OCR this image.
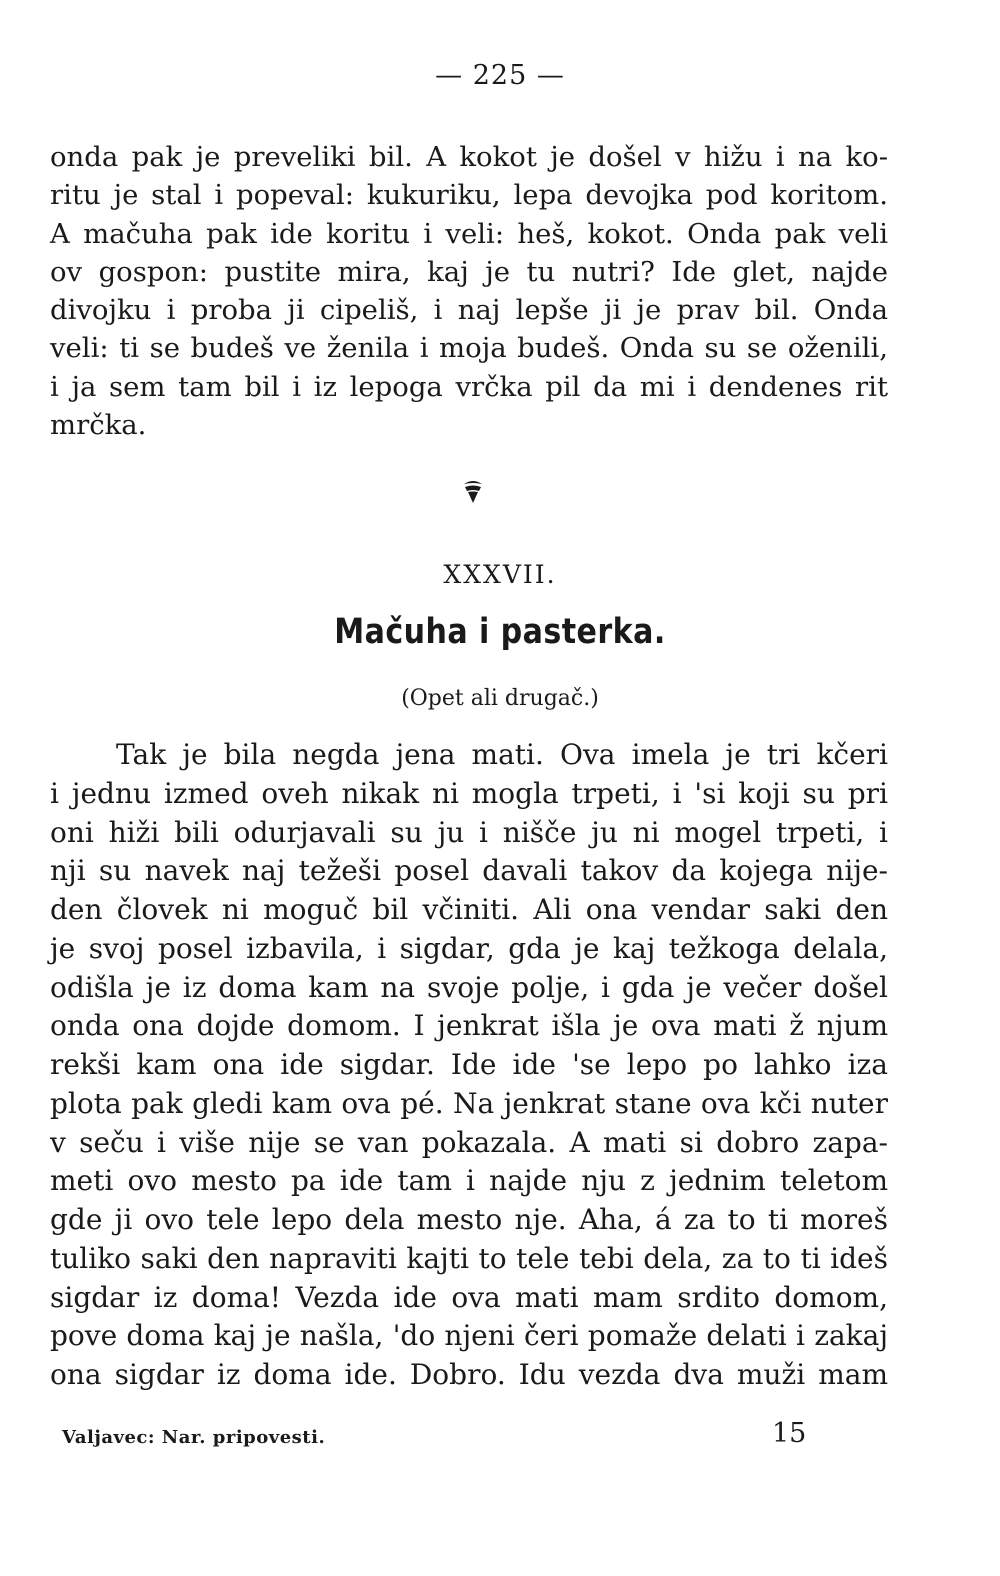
— 225 —
onda pak je preveliki bil. A kokot je došel v hižu i na ko-
ritu je stal i popeval: kukuriku, lepa devojka pod koritom.
A mačuha pak ide koritu i veli: heš, kokot. Onda pak veli
ov gospon: pustite mira, kaj je tu nutri? Ide glet, najde
divojku i proba ji cipeliš, i naj lepše ji je prav bil. Onda
veli: ti se budeš ve ženila i moja budeš. Onda su se oženili,
i ja sem tam bil i iz lepoga vrčka pil da mi i dendenes rit
mrčka.
XXXVII.
Mačuha i pasterka.
(Opet ali drugač.)
Tak je bila negda jena mati. Ova imela je tri kčeri
i jednu izmed oveh nikak ni mogla trpeti, i 'si koji su pri
oni hiži bili odurjavali su ju i nišče ju ni mogel trpeti, i
nji su navek naj težeši posel davali takov da kojega nije-
den človek ni moguč bil včiniti. Ali ona vendar saki den
je svoj posel izbavila, i sigdar, gda je kaj težkoga delala,
odišla je iz doma kam na svoje polje, i gda je večer došel
onda ona dojde domom. I jenkrat išla je ova mati ž njum
rekši kam ona ide sigdar. Ide ide 'se lepo po lahko iza
plota pak gledi kam ova pé. Na jenkrat stane ova kči nuter
v seču i više nije se van pokazala. A mati si dobro zapa-
meti ovo mesto pa ide tam i najde nju z jednim teletom
gde ji ovo tele lepo dela mesto nje. Aha, á za to ti moreš
tuliko saki den napraviti kajti to tele tebi dela, za to ti ideš
sigdar iz doma! Vezda ide ova mati mam srdito domom,
pove doma kaj je našla, 'do njeni čeri pomaže delati i zakaj
ona sigdar iz doma ide. Dobro. Idu vezda dva muži mam
Valjavec: Nar. pripovesti.	15
